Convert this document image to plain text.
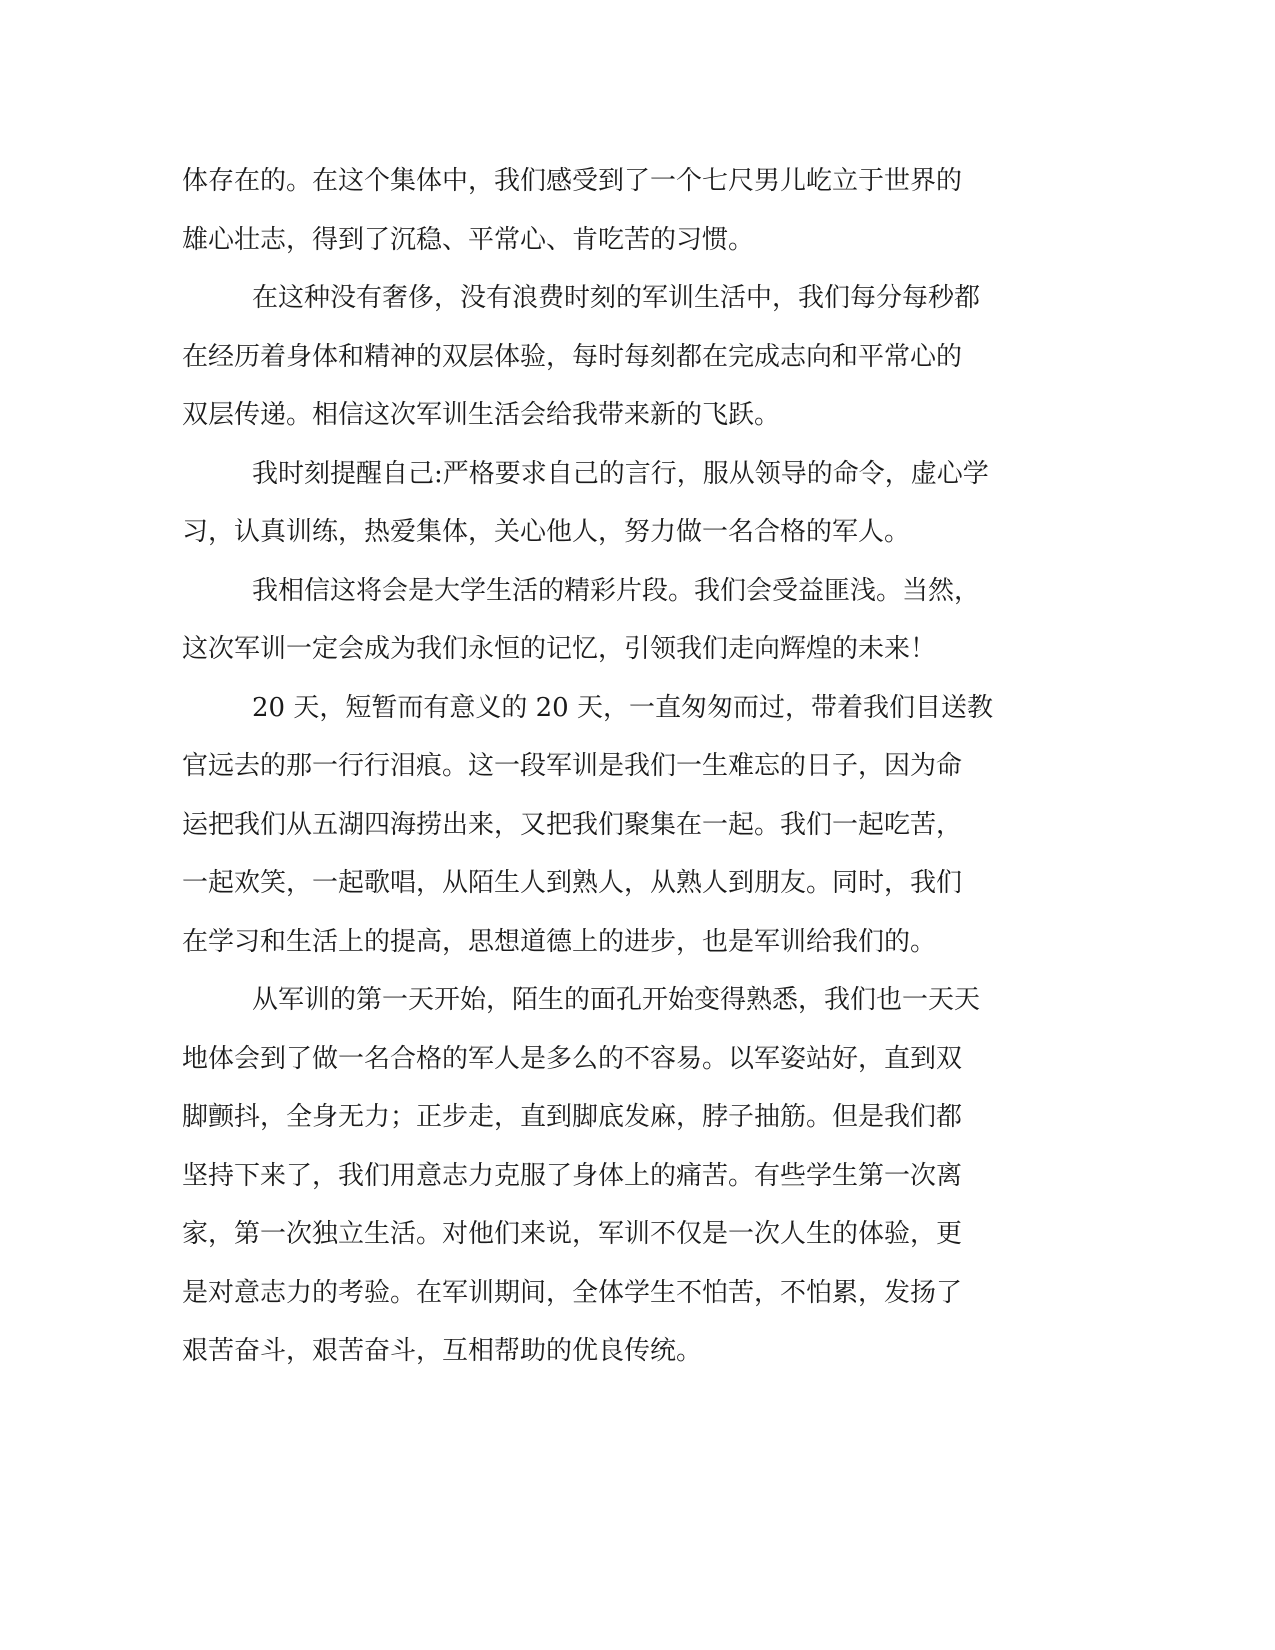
体存在的。在这个集体中，我们感受到了一个七尺男儿屹立于世界的
雄心壮志，得到了沉稳、平常心、肯吃苦的习惯。
在这种没有奢侈，没有浪费时刻的军训生活中，我们每分每秒都
在经历着身体和精神的双层体验，每时每刻都在完成志向和平常心的
双层传递。相信这次军训生活会给我带来新的飞跃。
我时刻提醒自己:严格要求自己的言行，服从领导的命令，虚心学
习，认真训练，热爱集体，关心他人，努力做一名合格的军人。
我相信这将会是大学生活的精彩片段。我们会受益匪浅。当然，
这次军训一定会成为我们永恒的记忆，引领我们走向辉煌的未来！
20 天，短暂而有意义的 20 天，一直匆匆而过，带着我们目送教
官远去的那一行行泪痕。这一段军训是我们一生难忘的日子，因为命
运把我们从五湖四海捞出来，又把我们聚集在一起。我们一起吃苦，
一起欢笑，一起歌唱，从陌生人到熟人，从熟人到朋友。同时，我们
在学习和生活上的提高，思想道德上的进步，也是军训给我们的。
从军训的第一天开始，陌生的面孔开始变得熟悉，我们也一天天
地体会到了做一名合格的军人是多么的不容易。以军姿站好，直到双
脚颤抖，全身无力；正步走，直到脚底发麻，脖子抽筋。但是我们都
坚持下来了，我们用意志力克服了身体上的痛苦。有些学生第一次离
家，第一次独立生活。对他们来说，军训不仅是一次人生的体验，更
是对意志力的考验。在军训期间，全体学生不怕苦，不怕累，发扬了
艰苦奋斗，艰苦奋斗，互相帮助的优良传统。
